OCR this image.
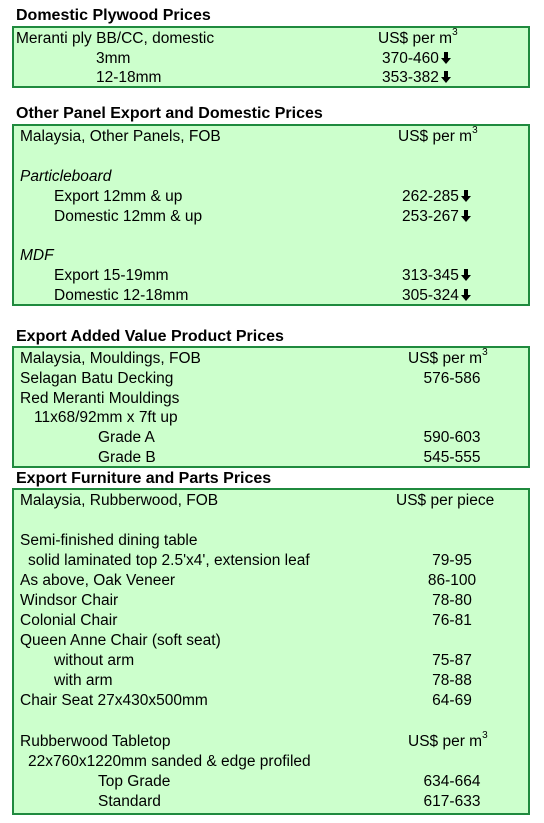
Domestic Plywood Prices
Meranti ply BB/CC, domestic	US$ per $m^3$
3mm	370-460
12-18mm	353-382
Other Panel Export and Domestic Prices
Malaysia, Other Panels, FOB	US$ per $m^3$
Particleboard
Export 12mm & up	262-285
Domestic 12mm & up	253-267
MDF
Export 15-19mm	313-345
Domestic 12-18mm	305-324
Export Added Value Product Prices
Malaysia, Mouldings, FOB	US$ per $m^3$
Selagan Batu Decking	576-586
Red Meranti Mouldings
11x68/92mm x 7ft up
Grade A	590-603
Grade B	545-555
Export Furniture and Parts Prices
Malaysia, Rubberwood, FOB	US$ per piece
Semi-finished dining table
solid laminated top 2.5'x4', extension leaf	79-95
As above, Oak Veneer	86-100
Windsor Chair	78-80
Colonial Chair	76-81
Queen Anne Chair (soft seat)
without arm	75-87
with arm	78-88
Chair Seat 27x430x500mm	64-69
Rubberwood Tabletop	US$ per $m^3$
22x760x1220mm sanded & edge profiled
Top Grade	634-664
Standard	617-633
